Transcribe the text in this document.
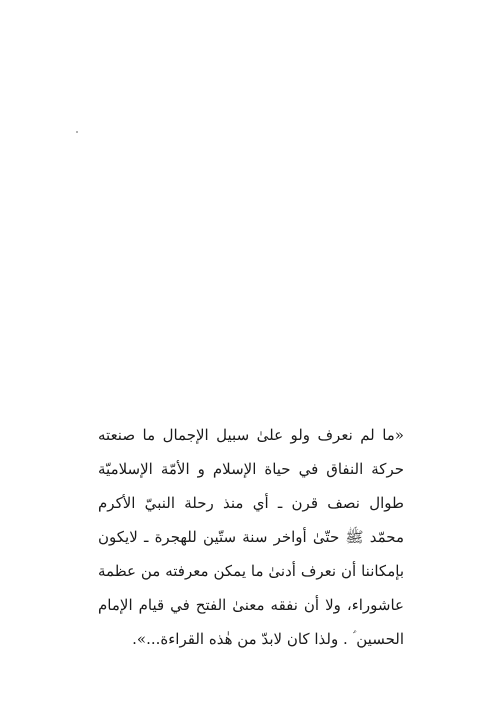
«ما لم نعرف ولو علىٰ سبيل الإجمال ما صنعته
حركة النفاق في حياة الإسلام و الأمّة الإسلاميّة
طوال نصف قرن ـ أي منذ رحلة النبيّ الأكرم
محمّد ﷺ حتّىٰ أواخر سنة ستّين للهجرة ـ لايكون
بإمكاننا أن نعرف أدنىٰ ما يمكن معرفته من عظمة
عاشوراء، ولا أن نفقه معنىٰ الفتح في قيام الإمام
الحسين ؑ . ولذا كان لابدّ من هٰذه القراءة...».
